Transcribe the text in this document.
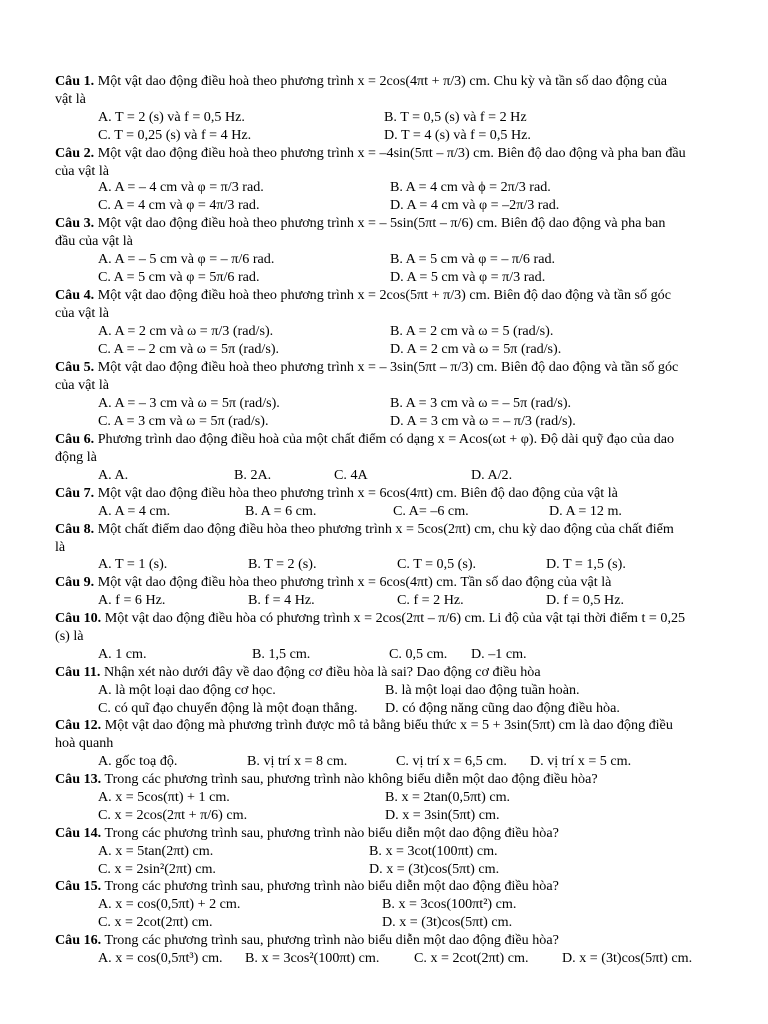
Câu 1. Một vật dao động điều hoà theo phương trình x = 2cos(4πt + π/3) cm. Chu kỳ và tần số dao động của
vật là
A. T = 2 (s) và f = 0,5 Hz.	B. T = 0,5 (s) và f = 2 Hz
C. T = 0,25 (s) và f = 4 Hz.	D. T = 4 (s) và f = 0,5 Hz.
Câu 2. Một vật dao động điều hoà theo phương trình x = –4sin(5πt – π/3) cm. Biên độ dao động và pha ban đầu
của vật là
A. A = – 4 cm và φ = π/3 rad.	B. A = 4 cm và ϕ = 2π/3 rad.
C. A = 4 cm và φ = 4π/3 rad.	D. A = 4 cm và φ = –2π/3 rad.
Câu 3. Một vật dao động điều hoà theo phương trình x = – 5sin(5πt – π/6) cm. Biên độ dao động và pha ban
đầu của vật là
A. A = – 5 cm và φ = – π/6 rad.	B. A = 5 cm và φ = – π/6 rad.
C. A = 5 cm và φ = 5π/6 rad.	D. A = 5 cm và φ = π/3 rad.
Câu 4. Một vật dao động điều hoà theo phương trình x = 2cos(5πt + π/3) cm. Biên độ dao động và tần số góc
của vật là
A. A = 2 cm và ω = π/3 (rad/s).	B. A = 2 cm và ω = 5 (rad/s).
C. A = – 2 cm và ω = 5π (rad/s).	D. A = 2 cm và ω = 5π (rad/s).
Câu 5. Một vật dao động điều hoà theo phương trình x = – 3sin(5πt – π/3) cm. Biên độ dao động và tần số góc
của vật là
A. A = – 3 cm và ω = 5π (rad/s).	B. A = 3 cm và ω = – 5π (rad/s).
C. A = 3 cm và ω = 5π (rad/s).	D. A = 3 cm và ω = – π/3 (rad/s).
Câu 6. Phương trình dao động điều hoà của một chất điểm có dạng x = Acos(ωt + φ). Độ dài quỹ đạo của dao
động là
A. A.	B. 2A.	C. 4A	D. A/2.
Câu 7. Một vật dao động điều hòa theo phương trình x = 6cos(4πt) cm. Biên độ dao động của vật là
A. A = 4 cm.	B. A = 6 cm.	C. A= –6 cm.	D. A = 12 m.
Câu 8. Một chất điểm dao động điều hòa theo phương trình x = 5cos(2πt) cm, chu kỳ dao động của chất điểm
là
A. T = 1 (s).	B. T = 2 (s).	C. T = 0,5 (s).	D. T = 1,5 (s).
Câu 9. Một vật dao động điều hòa theo phương trình x = 6cos(4πt) cm. Tần số dao động của vật là
A. f = 6 Hz.	B. f = 4 Hz.	C. f = 2 Hz.	D. f = 0,5 Hz.
Câu 10. Một vật dao động điều hòa có phương trình x = 2cos(2πt – π/6) cm. Li độ của vật tại thời điểm t = 0,25
(s) là
A. 1 cm.	B. 1,5 cm.	C. 0,5 cm. D. –1 cm.
Câu 11. Nhận xét nào dưới đây về dao động cơ điều hòa là sai? Dao động cơ điều hòa
A. là một loại dao động cơ học.	B. là một loại dao động tuần hoàn.
C. có quĩ đạo chuyển động là một đoạn thẳng. D. có động năng cũng dao động điều hòa.
Câu 12. Một vật dao động mà phương trình được mô tả bằng biểu thức x = 5 + 3sin(5πt) cm là dao động điều
hoà quanh
A. gốc toạ độ.	B. vị trí x = 8 cm.	C. vị trí x = 6,5 cm. D. vị trí x = 5 cm.
Câu 13. Trong các phương trình sau, phương trình nào không biểu diễn một dao động điều hòa?
A. x = 5cos(πt) + 1 cm.	B. x = 2tan(0,5πt) cm.
C. x = 2cos(2πt + π/6) cm.	D. x = 3sin(5πt) cm.
Câu 14. Trong các phương trình sau, phương trình nào biểu diễn một dao động điều hòa?
A. x = 5tan(2πt) cm.	B. x = 3cot(100πt) cm.
C. x = 2sin²(2πt) cm.	D. x = (3t)cos(5πt) cm.
Câu 15. Trong các phương trình sau, phương trình nào biểu diễn một dao động điều hòa?
A. x = cos(0,5πt) + 2 cm.	B. x = 3cos(100πt²) cm.
C. x = 2cot(2πt) cm.	D. x = (3t)cos(5πt) cm.
Câu 16. Trong các phương trình sau, phương trình nào biểu diễn một dao động điều hòa?
A. x = cos(0,5πt³) cm. B. x = 3cos²(100πt) cm. C. x = 2cot(2πt) cm. D. x = (3t)cos(5πt) cm.
